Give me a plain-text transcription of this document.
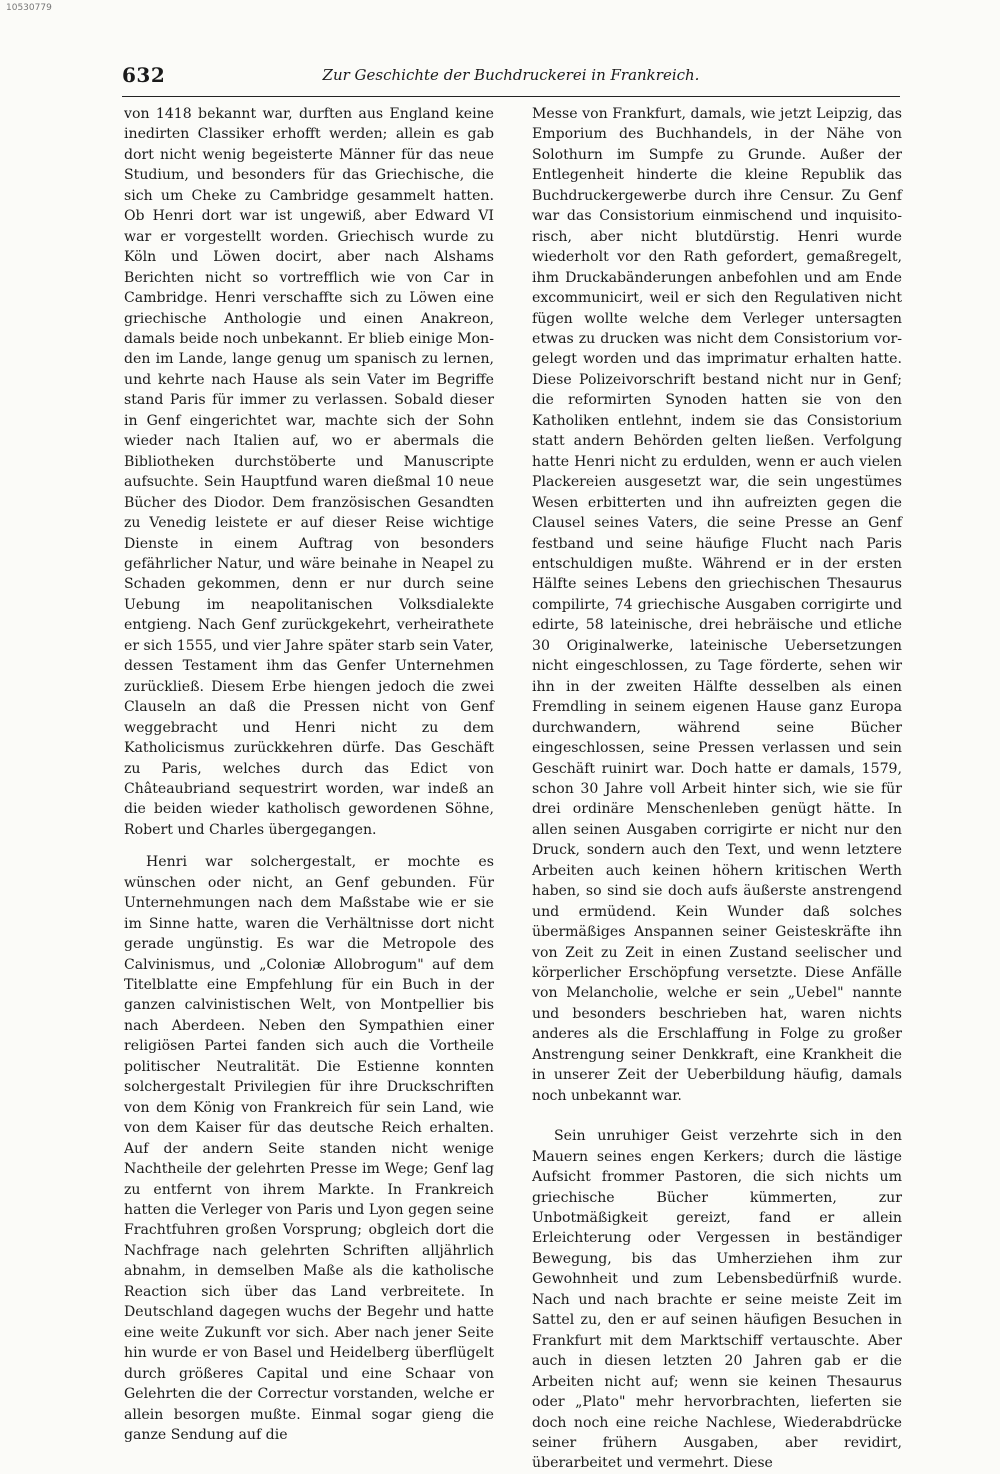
10530779
632	Zur Geschichte der Buchdruckerei in Frankreich.

von 1418 bekannt war, durften aus England keine inedirten Classiker erhofft werden; allein es gab dort nicht wenig begeisterte Männer für das neue Studium, und besonders für das Griechische, die sich um Cheke zu Cambridge gesammelt hatten. Ob Henri dort war ist ungewiß, aber Edward VI war er vorgestellt worden. Griechisch wurde zu Köln und Löwen docirt, aber nach Alshams Berichten nicht so vortrefflich wie von Car in Cambridge. Henri verschaffte sich zu Löwen eine griechische Anthologie und einen Anakreon, damals beide noch unbekannt. Er blieb einige Monden im Lande, lange genug um spanisch zu lernen, und kehrte nach Hause als sein Vater im Begriffe stand Paris für immer zu verlassen. Sobald dieser in Genf eingerichtet war, machte sich der Sohn wieder nach Italien auf, wo er abermals die Bibliotheken durchstöberte und Manuscripte aufsuchte. Sein Hauptfund waren dießmal 10 neue Bücher des Diodor. Dem französischen Gesandten zu Venedig leistete er auf dieser Reise wichtige Dienste in einem Auftrag von besonders gefährlicher Natur, und wäre beinahe in Neapel zu Schaden gekommen, denn er nur durch seine Uebung im neapolitanischen Volksdialekte entgieng. Nach Genf zurückgekehrt, verheirathete er sich 1555, und vier Jahre später starb sein Vater, dessen Testament ihm das Genfer Unternehmen zurückließ. Diesem Erbe hiengen jedoch die zwei Clauseln an daß die Pressen nicht von Genf weggebracht und Henri nicht zu dem Katholicismus zurückkehren dürfe. Das Geschäft zu Paris, welches durch das Edict von Châteaubriand sequestrirt worden, war indeß an die beiden wieder katholisch gewordenen Söhne, Robert und Charles übergegangen.

Henri war solchergestalt, er mochte es wünschen oder nicht, an Genf gebunden. Für Unternehmungen nach dem Maßstabe wie er sie im Sinne hatte, waren die Verhältnisse dort nicht gerade ungünstig. Es war die Metropole des Calvinismus, und „Coloniæ Allobrogum" auf dem Titelblatte eine Empfehlung für ein Buch in der ganzen calvinistischen Welt, von Montpellier bis nach Aberdeen. Neben den Sympathien einer religiösen Partei fanden sich auch die Vortheile politischer Neutralität. Die Estienne konnten solchergestalt Privilegien für ihre Druckschriften von dem König von Frankreich für sein Land, wie von dem Kaiser für das deutsche Reich erhalten. Auf der andern Seite standen nicht wenige Nachtheile der gelehrten Presse im Wege; Genf lag zu entfernt von ihrem Markte. In Frankreich hatten die Verleger von Paris und Lyon gegen seine Frachtfuhren großen Vorsprung; obgleich dort die Nachfrage nach gelehrten Schriften alljährlich abnahm, in demselben Maße als die katholische Reaction sich über das Land verbreitete. In Deutschland dagegen wuchs der Begehr und hatte eine weite Zukunft vor sich. Aber nach jener Seite hin wurde er von Basel und Heidelberg überflügelt durch größeres Capital und eine Schaar von Gelehrten die der Correctur vorstanden, welche er allein besorgen mußte. Einmal sogar gieng die ganze Sendung auf die

Messe von Frankfurt, damals, wie jetzt Leipzig, das Emporium des Buchhandels, in der Nähe von Solothurn im Sumpfe zu Grunde. Außer der Entlegenheit hinderte die kleine Republik das Buchdruckergewerbe durch ihre Censur. Zu Genf war das Consistorium einmischend und inquisitorisch, aber nicht blutdürstig. Henri wurde wiederholt vor den Rath gefordert, gemaßregelt, ihm Druckabänderungen anbefohlen und am Ende excommunicirt, weil er sich den Regulativen nicht fügen wollte welche dem Verleger untersagten etwas zu drucken was nicht dem Consistorium vorgelegt worden und das imprimatur erhalten hatte. Diese Polizeivorschrift bestand nicht nur in Genf; die reformirten Synoden hatten sie von den Katholiken entlehnt, indem sie das Consistorium statt andern Behörden gelten ließen. Verfolgung hatte Henri nicht zu erdulden, wenn er auch vielen Plackereien ausgesetzt war, die sein ungestümes Wesen erbitterten und ihn aufreizten gegen die Clausel seines Vaters, die seine Presse an Genf festband und seine häufige Flucht nach Paris entschuldigen mußte. Während er in der ersten Hälfte seines Lebens den griechischen Thesaurus compilirte, 74 griechische Ausgaben corrigirte und edirte, 58 lateinische, drei hebräische und etliche 30 Originalwerke, lateinische Uebersetzungen nicht eingeschlossen, zu Tage förderte, sehen wir ihn in der zweiten Hälfte desselben als einen Fremdling in seinem eigenen Hause ganz Europa durchwandern, während seine Bücher eingeschlossen, seine Pressen verlassen und sein Geschäft ruinirt war. Doch hatte er damals, 1579, schon 30 Jahre voll Arbeit hinter sich, wie sie für drei ordinäre Menschenleben genügt hätte. In allen seinen Ausgaben corrigirte er nicht nur den Druck, sondern auch den Text, und wenn letztere Arbeiten auch keinen höhern kritischen Werth haben, so sind sie doch aufs äußerste anstrengend und ermüdend. Kein Wunder daß solches übermäßiges Anspannen seiner Geisteskräfte ihn von Zeit zu Zeit in einen Zustand seelischer und körperlicher Erschöpfung versetzte. Diese Anfälle von Melancholie, welche er sein „Uebel" nannte und besonders beschrieben hat, waren nichts anderes als die Erschlaffung in Folge zu großer Anstrengung seiner Denkkraft, eine Krankheit die in unserer Zeit der Ueberbildung häufig, damals noch unbekannt war.

Sein unruhiger Geist verzehrte sich in den Mauern seines engen Kerkers; durch die lästige Aufsicht frommer Pastoren, die sich nichts um griechische Bücher kümmerten, zur Unbotmäßigkeit gereizt, fand er allein Erleichterung oder Vergessen in beständiger Bewegung, bis das Umherziehen ihm zur Gewohnheit und zum Lebensbedürfniß wurde. Nach und nach brachte er seine meiste Zeit im Sattel zu, den er auf seinen häufigen Besuchen in Frankfurt mit dem Marktschiff vertauschte. Aber auch in diesen letzten 20 Jahren gab er die Arbeiten nicht auf; wenn sie keinen Thesaurus oder „Plato" mehr hervorbrachten, lieferten sie doch noch eine reiche Nachlese, Wiederabdrücke seiner frühern Ausgaben, aber revidirt, überarbeitet und vermehrt. Diese
